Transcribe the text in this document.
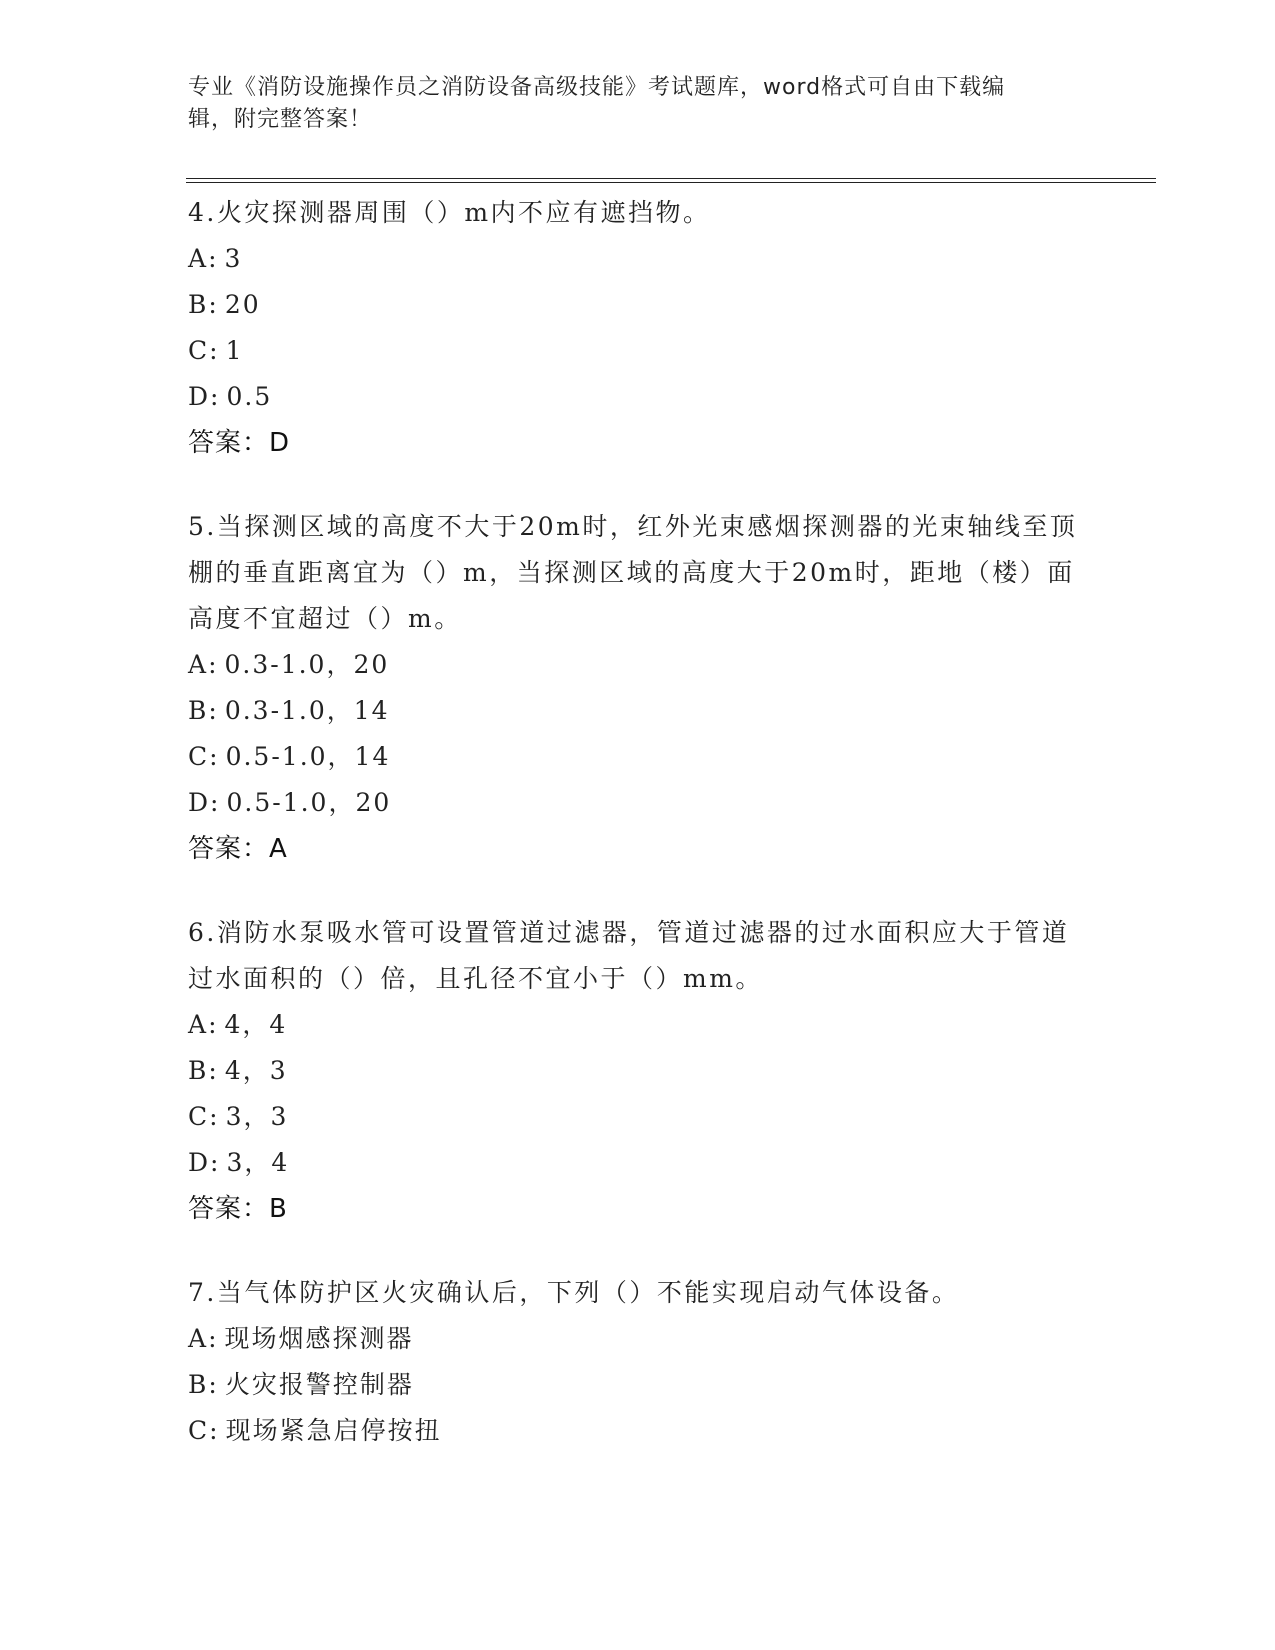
专业《消防设施操作员之消防设备高级技能》考试题库，word格式可自由下载编
辑，附完整答案！

4.火灾探测器周围（）m内不应有遮挡物。

A: 3

B: 20

C: 1

D: 0.5

答案：D

5.当探测区域的高度不大于20m时，红外光束感烟探测器的光束轴线至顶棚的垂直距离宜为（）m，当探测区域的高度大于20m时，距地（楼）面高度不宜超过（）m。

A: 0.3-1.0，20

B: 0.3-1.0，14

C: 0.5-1.0，14

D: 0.5-1.0，20

答案：A

6.消防水泵吸水管可设置管道过滤器，管道过滤器的过水面积应大于管道过水面积的（）倍，且孔径不宜小于（）mm。

A: 4，4

B: 4，3

C: 3，3

D: 3，4

答案：B

7.当气体防护区火灾确认后，下列（）不能实现启动气体设备。

A: 现场烟感探测器

B: 火灾报警控制器

C: 现场紧急启停按扭
